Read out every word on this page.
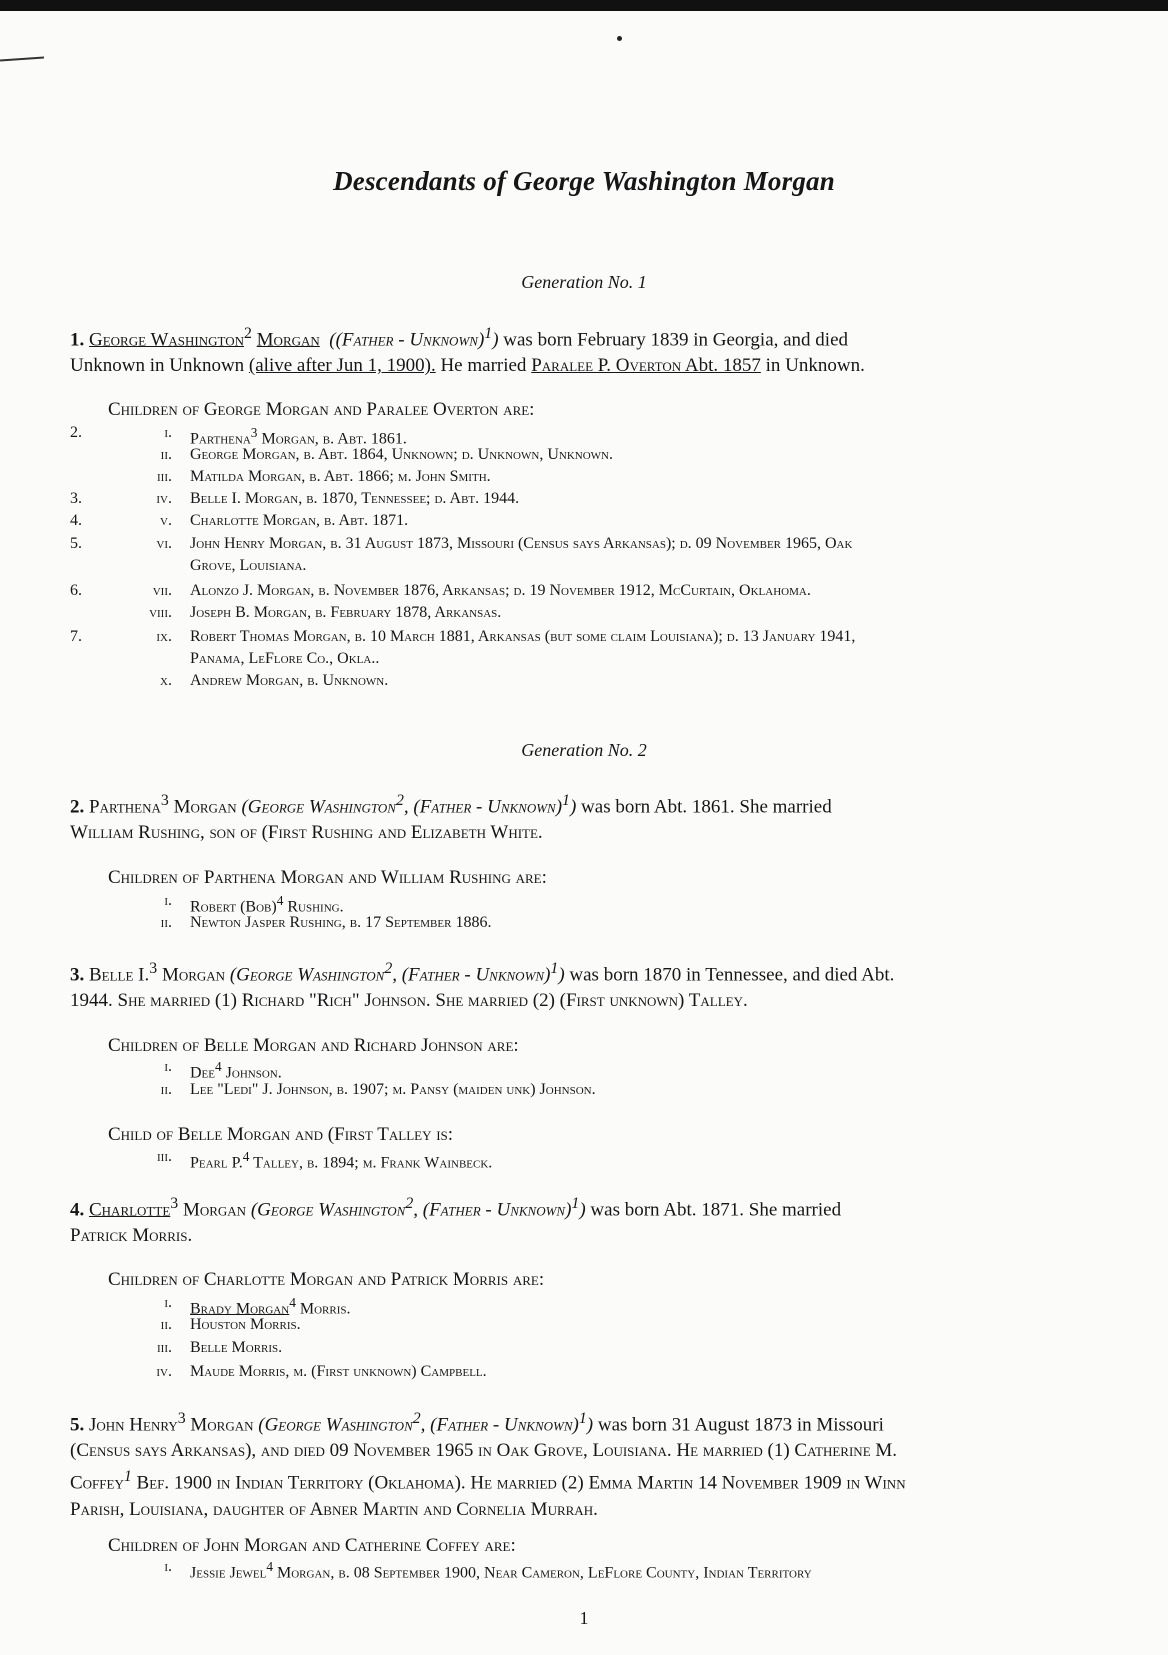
Descendants of George Washington Morgan
Generation No. 1
1. George Washington$^2$ Morgan ((Father - Unknown)$^1$) was born February 1839 in Georgia, and died
Unknown in Unknown (alive after Jun 1, 1900). He married Paralee P. Overton Abt. 1857 in Unknown.
Children of George Morgan and Paralee Overton are:
2.	i. Parthena$^3$ Morgan, b. Abt. 1861.
ii. George Morgan, b. Abt. 1864, Unknown; d. Unknown, Unknown.
iii. Matilda Morgan, b. Abt. 1866; m. John Smith.
3.	iv. Belle I. Morgan, b. 1870, Tennessee; d. Abt. 1944.
4.	v. Charlotte Morgan, b. Abt. 1871.
5.	vi. John Henry Morgan, b. 31 August 1873, Missouri (Census says Arkansas); d. 09 November 1965, Oak
Grove, Louisiana.
6.	vii. Alonzo J. Morgan, b. November 1876, Arkansas; d. 19 November 1912, McCurtain, Oklahoma.
viii. Joseph B. Morgan, b. February 1878, Arkansas.
7.	ix. Robert Thomas Morgan, b. 10 March 1881, Arkansas (but some claim Louisiana); d. 13 January 1941,
Panama, LeFlore Co., Okla..
x. Andrew Morgan, b. Unknown.
Generation No. 2
2. Parthena$^3$ Morgan (George Washington$^2$, (Father - Unknown)$^1$) was born Abt. 1861. She married
William Rushing, son of (First Rushing and Elizabeth White.
Children of Parthena Morgan and William Rushing are:
i. Robert (Bob)$^4$ Rushing.
ii. Newton Jasper Rushing, b. 17 September 1886.
3. Belle I.$^3$ Morgan (George Washington$^2$, (Father - Unknown)$^1$) was born 1870 in Tennessee, and died Abt.
1944. She married (1) Richard "Rich" Johnson. She married (2) (First unknown) Talley.
Children of Belle Morgan and Richard Johnson are:
i. Dee$^4$ Johnson.
ii. Lee "Ledi" J. Johnson, b. 1907; m. Pansy (maiden unk) Johnson.
Child of Belle Morgan and (First Talley is:
iii. Pearl P.$^4$ Talley, b. 1894; m. Frank Wainbeck.
4. Charlotte$^3$ Morgan (George Washington$^2$, (Father - Unknown)$^1$) was born Abt. 1871. She married
Patrick Morris.
Children of Charlotte Morgan and Patrick Morris are:
i. Brady Morgan$^4$ Morris.
ii. Houston Morris.
iii. Belle Morris.
iv. Maude Morris, m. (First unknown) Campbell.
5. John Henry$^3$ Morgan (George Washington$^2$, (Father - Unknown)$^1$) was born 31 August 1873 in Missouri
(Census says Arkansas), and died 09 November 1965 in Oak Grove, Louisiana. He married (1) Catherine M.
Coffey$^1$ Bef. 1900 in Indian Territory (Oklahoma). He married (2) Emma Martin 14 November 1909 in Winn
Parish, Louisiana, daughter of Abner Martin and Cornelia Murrah.
Children of John Morgan and Catherine Coffey are:
i. Jessie Jewel$^4$ Morgan, b. 08 September 1900, Near Cameron, LeFlore County, Indian Territory
1
